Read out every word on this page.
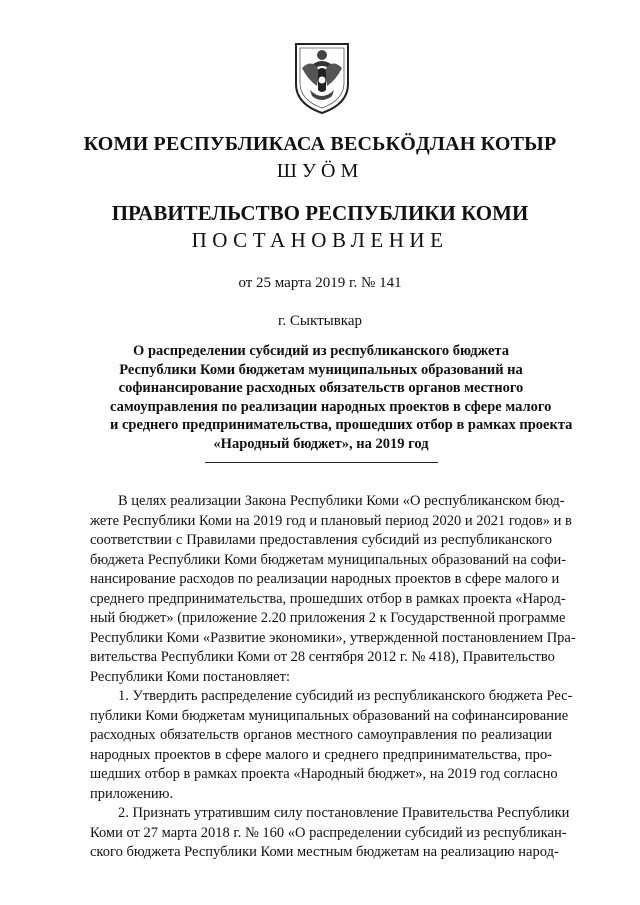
КОМИ РЕСПУБЛИКАСА ВЕСЬКӦДЛАН КОТЫР
ШУӦМ
ПРАВИТЕЛЬСТВО РЕСПУБЛИКИ КОМИ
ПОСТАНОВЛЕНИЕ
от 25 марта 2019 г. № 141
г. Сыктывкар
О распределении субсидий из республиканского бюджета
Республики Коми бюджетам муниципальных образований на
софинансирование расходных обязательств органов местного
самоуправления по реализации народных проектов в сфере малого
и среднего предпринимательства, прошедших отбор в рамках проекта
«Народный бюджет», на 2019 год
В целях реализации Закона Республики Коми «О республиканском бюд-
жете Республики Коми на 2019 год и плановый период 2020 и 2021 годов» и в
соответствии с Правилами предоставления субсидий из республиканского
бюджета Республики Коми бюджетам муниципальных образований на софи-
нансирование расходов по реализации народных проектов в сфере малого и
среднего предпринимательства, прошедших отбор в рамках проекта «Народ-
ный бюджет» (приложение 2.20 приложения 2 к Государственной программе
Республики Коми «Развитие экономики», утвержденной постановлением Пра-
вительства Республики Коми от 28 сентября 2012 г. № 418), Правительство
Республики Коми постановляет:
1. Утвердить распределение субсидий из республиканского бюджета Рес-
публики Коми бюджетам муниципальных образований на софинансирование
расходных обязательств органов местного самоуправления по реализации
народных проектов в сфере малого и среднего предпринимательства, про-
шедших отбор в рамках проекта «Народный бюджет», на 2019 год согласно
приложению.
2. Признать утратившим силу постановление Правительства Республики
Коми от 27 марта 2018 г. № 160 «О распределении субсидий из республикан-
ского бюджета Республики Коми местным бюджетам на реализацию народ-
